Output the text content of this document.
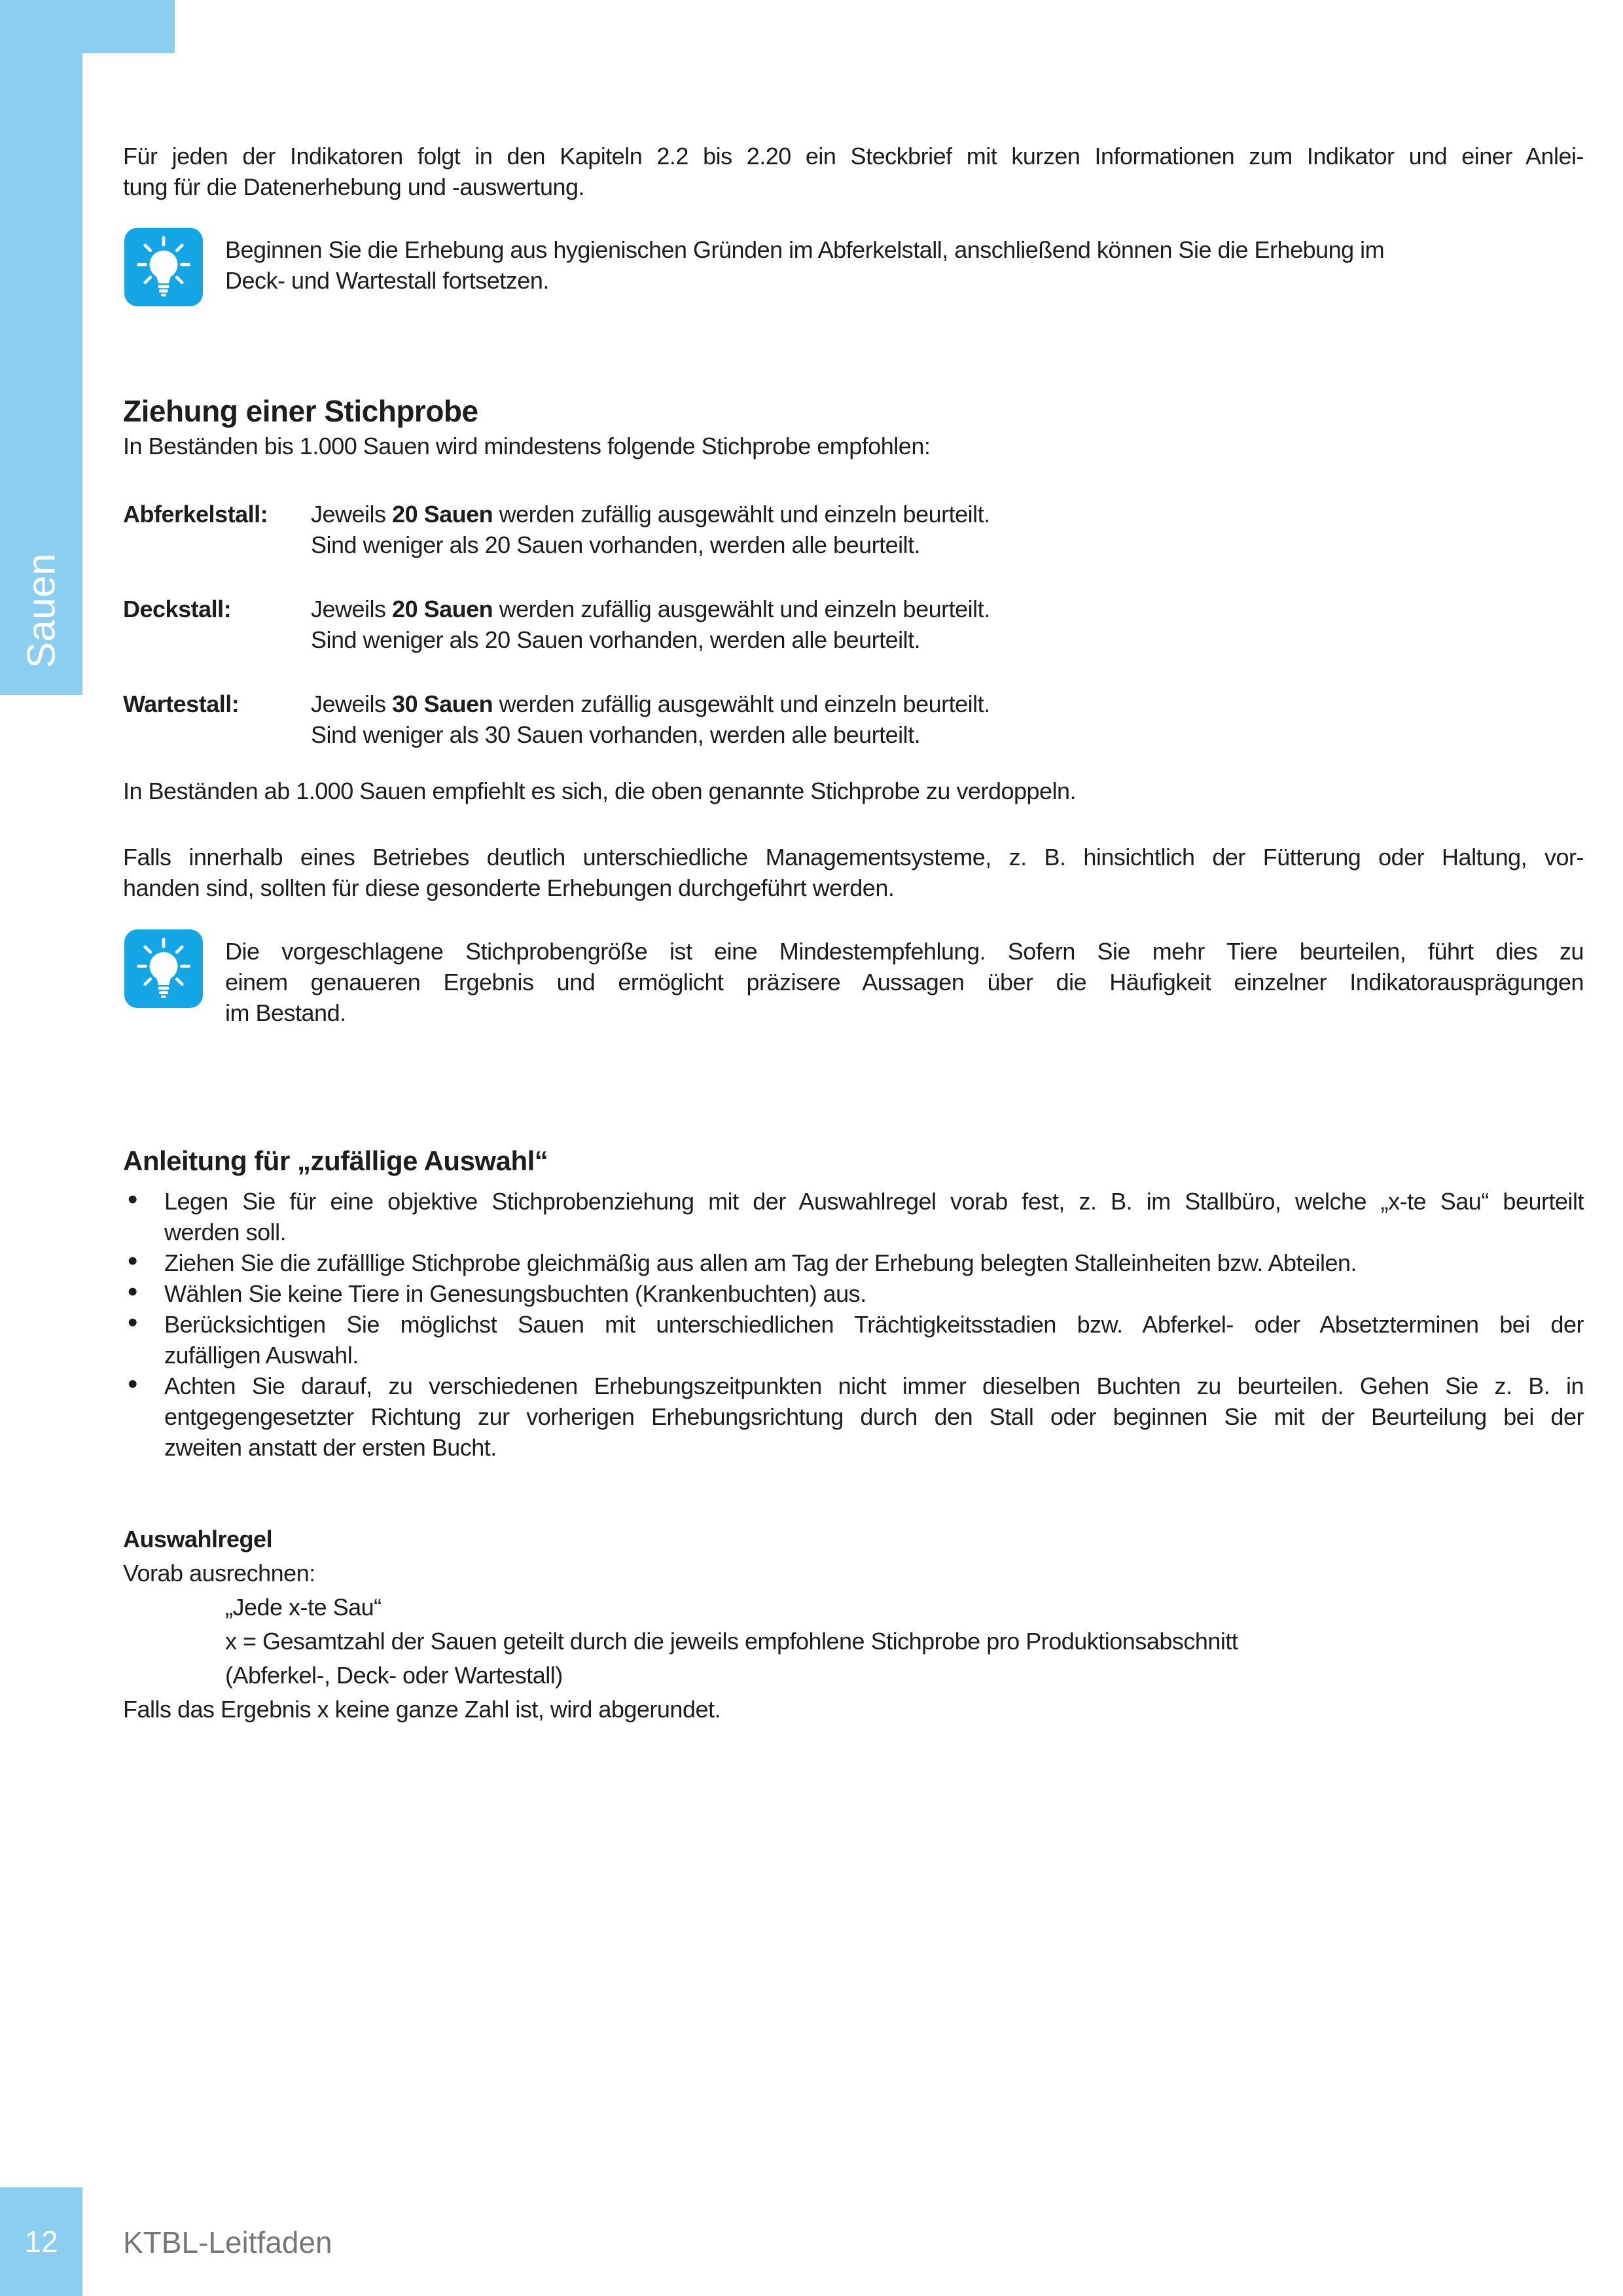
Sauen
Für jeden der Indikatoren folgt in den Kapiteln 2.2 bis 2.20 ein Steckbrief mit kurzen Informationen zum Indikator und einer Anlei-
tung für die Datenerhebung und -auswertung.
Beginnen Sie die Erhebung aus hygienischen Gründen im Abferkelstall, anschließend können Sie die Erhebung im
Deck- und Wartestall fortsetzen.
Ziehung einer Stichprobe
In Beständen bis 1.000 Sauen wird mindestens folgende Stichprobe empfohlen:
Abferkelstall: Jeweils 20 Sauen werden zufällig ausgewählt und einzeln beurteilt.
Sind weniger als 20 Sauen vorhanden, werden alle beurteilt.
Deckstall:	Jeweils 20 Sauen werden zufällig ausgewählt und einzeln beurteilt.
Sind weniger als 20 Sauen vorhanden, werden alle beurteilt.
Wartestall:	Jeweils 30 Sauen werden zufällig ausgewählt und einzeln beurteilt.
Sind weniger als 30 Sauen vorhanden, werden alle beurteilt.
In Beständen ab 1.000 Sauen empfiehlt es sich, die oben genannte Stichprobe zu verdoppeln.
Falls innerhalb eines Betriebes deutlich unterschiedliche Managementsysteme, z. B. hinsichtlich der Fütterung oder Haltung, vor-
handen sind, sollten für diese gesonderte Erhebungen durchgeführt werden.
Die vorgeschlagene Stichprobengröße ist eine Mindestempfehlung. Sofern Sie mehr Tiere beurteilen, führt dies zu
einem genaueren Ergebnis und ermöglicht präzisere Aussagen über die Häufigkeit einzelner Indikatorausprägungen
im Bestand.
Anleitung für „zufällige Auswahl“
• Legen Sie für eine objektive Stichprobenziehung mit der Auswahlregel vorab fest, z. B. im Stallbüro, welche „x-te Sau“ beurteilt
werden soll.
• Ziehen Sie die zufälllige Stichprobe gleichmäßig aus allen am Tag der Erhebung belegten Stalleinheiten bzw. Abteilen.
• Wählen Sie keine Tiere in Genesungsbuchten (Krankenbuchten) aus.
• Berücksichtigen Sie möglichst Sauen mit unterschiedlichen Trächtigkeitsstadien bzw. Abferkel- oder Absetzterminen bei der
zufälligen Auswahl.
• Achten Sie darauf, zu verschiedenen Erhebungszeitpunkten nicht immer dieselben Buchten zu beurteilen. Gehen Sie z. B. in
entgegengesetzter Richtung zur vorherigen Erhebungsrichtung durch den Stall oder beginnen Sie mit der Beurteilung bei der
zweiten anstatt der ersten Bucht.
Auswahlregel
Vorab ausrechnen:
„Jede x-te Sau“
x = Gesamtzahl der Sauen geteilt durch die jeweils empfohlene Stichprobe pro Produktionsabschnitt
(Abferkel-, Deck- oder Wartestall)
Falls das Ergebnis x keine ganze Zahl ist, wird abgerundet.
12 KTBL-Leitfaden
